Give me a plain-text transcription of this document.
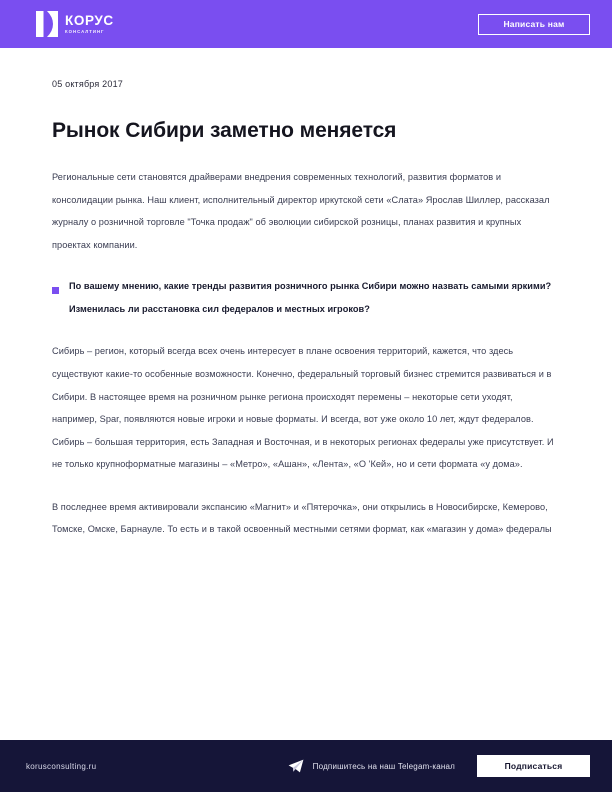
КОРУС
КОНСАЛТИНГ
Написать нам
05 октября 2017
Рынок Сибири заметно меняется

Региональные сети становятся драйверами внедрения современных технологий, развития форматов и консолидации рынка. Наш клиент, исполнительный директор иркутской сети «Слата» Ярослав Шиллер, рассказал журналу о розничной торговле "Точка продаж" об эволюции сибирской розницы, планах развития и крупных проектах компании.

По вашему мнению, какие тренды развития розничного рынка Сибири можно назвать самыми яркими? Изменилась ли расстановка сил федералов и местных игроков?

Сибирь – регион, который всегда всех очень интересует в плане освоения территорий, кажется, что здесь существуют какие-то особенные возможности. Конечно, федеральный торговый бизнес стремится развиваться и в Сибири. В настоящее время на розничном рынке региона происходят перемены – некоторые сети уходят, например, Spar, появляются новые игроки и новые форматы. И всегда, вот уже около 10 лет, ждут федералов. Сибирь – большая территория, есть Западная и Восточная, и в некоторых регионах федералы уже присутствует. И не только крупноформатные магазины – «Метро», «Ашан», «Лента», «О 'Кей», но и сети формата «у дома».

В последнее время активировали экспансию «Магнит» и «Пятерочка», они открылись в Новосибирске, Кемерово, Томске, Омске, Барнауле. То есть и в такой освоенный местными сетями формат, как «магазин у дома» федералы

korusconsulting.ru	Подпишитесь на наш Telegam-канал	Подписаться
